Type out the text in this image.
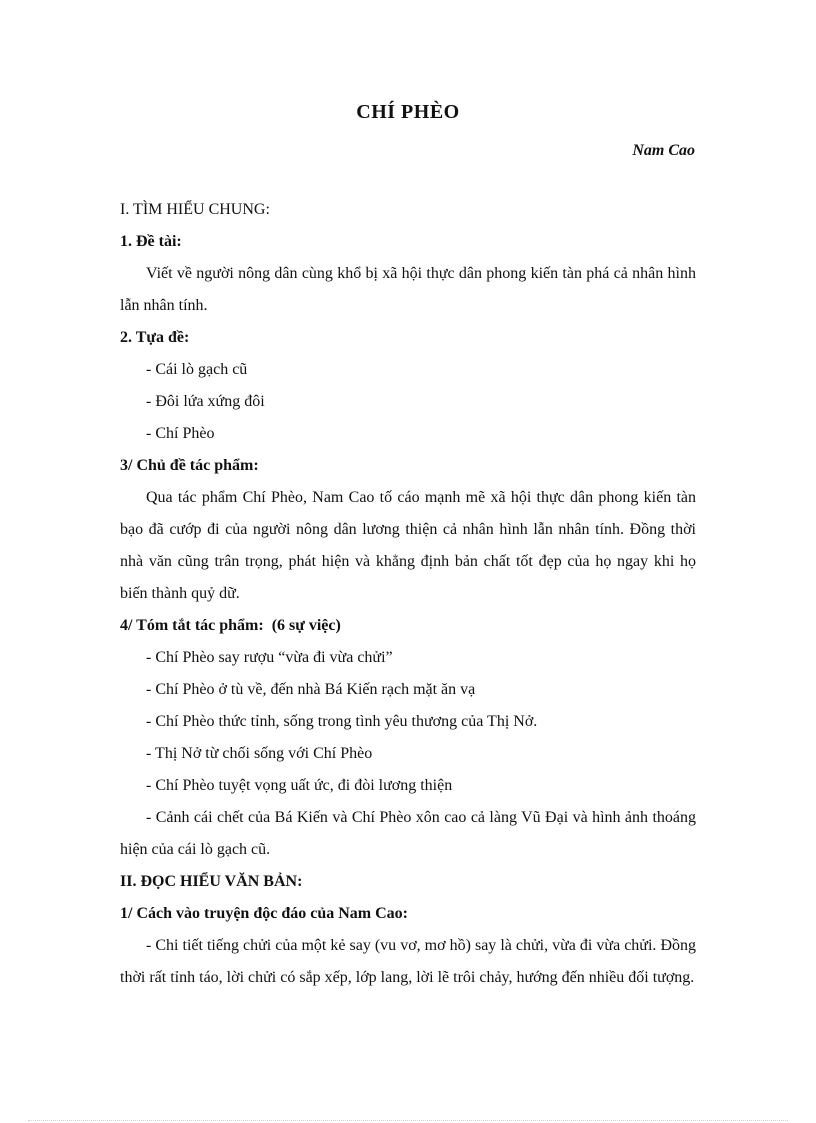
CHÍ PHÈO
Nam Cao
I. TÌM HIỂU CHUNG:
1. Đề tài:

Viết về người nông dân cùng khổ bị xã hội thực dân phong kiến tàn phá cả nhân hình lẫn nhân tính.

2. Tựa đề:
- Cái lò gạch cũ
- Đôi lứa xứng đôi
- Chí Phèo
3/ Chủ đề tác phẩm:

Qua tác phẩm Chí Phèo, Nam Cao tố cáo mạnh mẽ xã hội thực dân phong kiến tàn bạo đã cướp đi của người nông dân lương thiện cả nhân hình lẫn nhân tính. Đồng thời nhà văn cũng trân trọng, phát hiện và khẳng định bản chất tốt đẹp của họ ngay khi họ biến thành quỷ dữ.

4/ Tóm tắt tác phẩm: (6 sự việc)
- Chí Phèo say rượu “vừa đi vừa chửi”
- Chí Phèo ở tù về, đến nhà Bá Kiến rạch mặt ăn vạ
- Chí Phèo thức tỉnh, sống trong tình yêu thương của Thị Nở.
- Thị Nở từ chối sống với Chí Phèo
- Chí Phèo tuyệt vọng uất ức, đi đòi lương thiện

- Cảnh cái chết của Bá Kiến và Chí Phèo xôn cao cả làng Vũ Đại và hình ảnh thoáng hiện của cái lò gạch cũ.

II. ĐỌC HIỂU VĂN BẢN:
1/ Cách vào truyện độc đáo của Nam Cao:

- Chi tiết tiếng chửi của một kẻ say (vu vơ, mơ hồ) say là chửi, vừa đi vừa chửi. Đồng thời rất tỉnh táo, lời chửi có sắp xếp, lớp lang, lời lẽ trôi chảy, hướng đến nhiều đối tượng.
